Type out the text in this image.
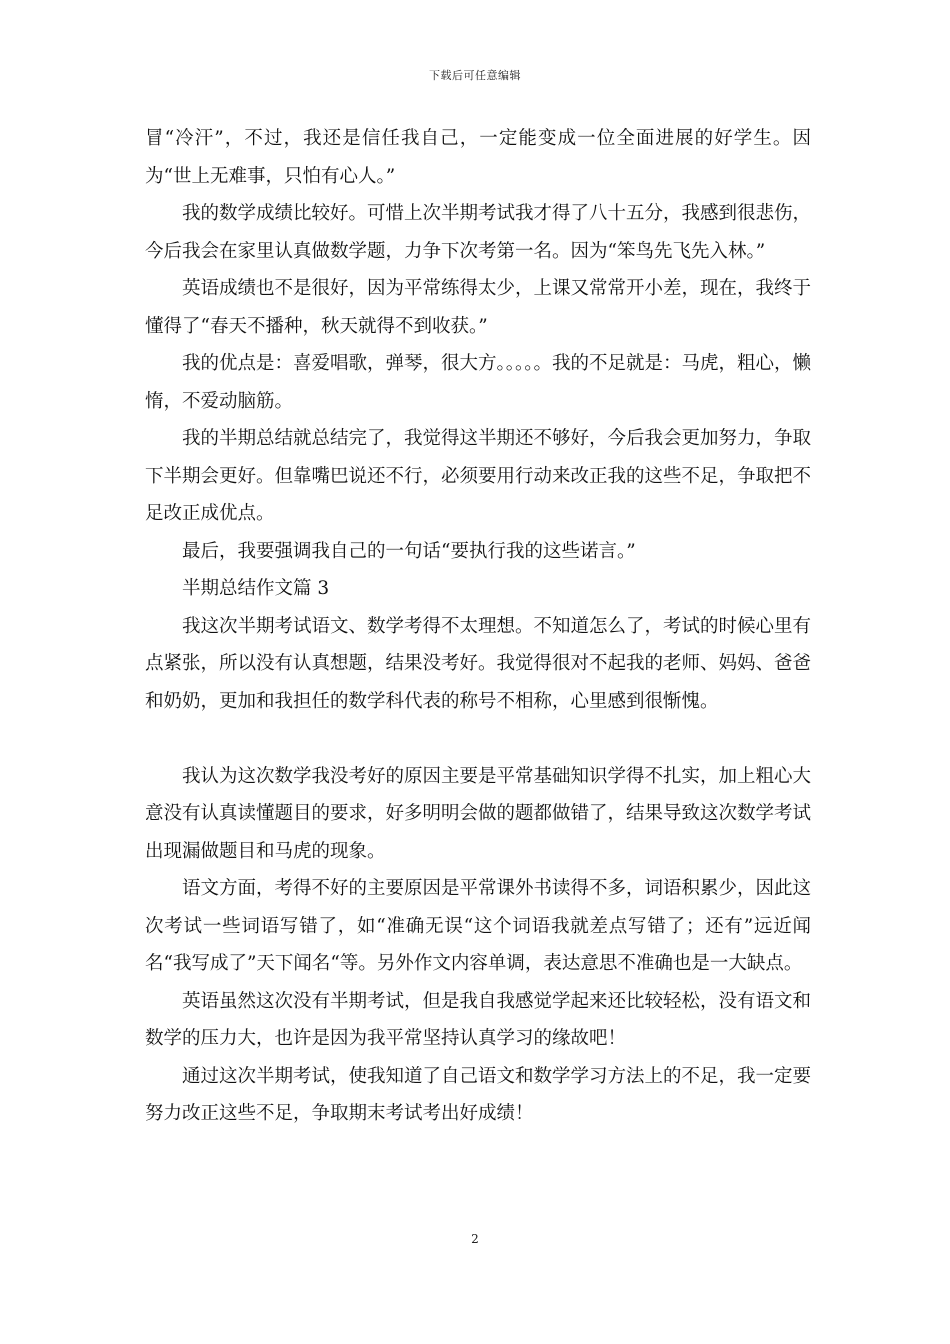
下载后可任意编辑

冒“冷汗”，不过，我还是信任我自己，一定能变成一位全面进展的好学生。因为“世上无难事，只怕有心人。”

我的数学成绩比较好。可惜上次半期考试我才得了八十五分，我感到很悲伤，今后我会在家里认真做数学题，力争下次考第一名。因为“笨鸟先飞先入林。”

英语成绩也不是很好，因为平常练得太少，上课又常常开小差，现在，我终于懂得了“春天不播种，秋天就得不到收获。”

我的优点是：喜爱唱歌，弹琴，很大方。。。。。我的不足就是：马虎，粗心，懒惰，不爱动脑筋。

我的半期总结就总结完了，我觉得这半期还不够好，今后我会更加努力，争取下半期会更好。但靠嘴巴说还不行，必须要用行动来改正我的这些不足，争取把不足改正成优点。

最后，我要强调我自己的一句话“要执行我的这些诺言。”

半期总结作文篇 3

我这次半期考试语文、数学考得不太理想。不知道怎么了，考试的时候心里有点紧张，所以没有认真想题，结果没考好。我觉得很对不起我的老师、妈妈、爸爸和奶奶，更加和我担任的数学科代表的称号不相称，心里感到很惭愧。

我认为这次数学我没考好的原因主要是平常基础知识学得不扎实，加上粗心大意没有认真读懂题目的要求，好多明明会做的题都做错了，结果导致这次数学考试出现漏做题目和马虎的现象。

语文方面，考得不好的主要原因是平常课外书读得不多，词语积累少，因此这次考试一些词语写错了，如“准确无误“这个词语我就差点写错了；还有”远近闻名“我写成了”天下闻名“等。另外作文内容单调，表达意思不准确也是一大缺点。

英语虽然这次没有半期考试，但是我自我感觉学起来还比较轻松，没有语文和数学的压力大，也许是因为我平常坚持认真学习的缘故吧！

通过这次半期考试，使我知道了自己语文和数学学习方法上的不足，我一定要努力改正这些不足，争取期末考试考出好成绩！

2
